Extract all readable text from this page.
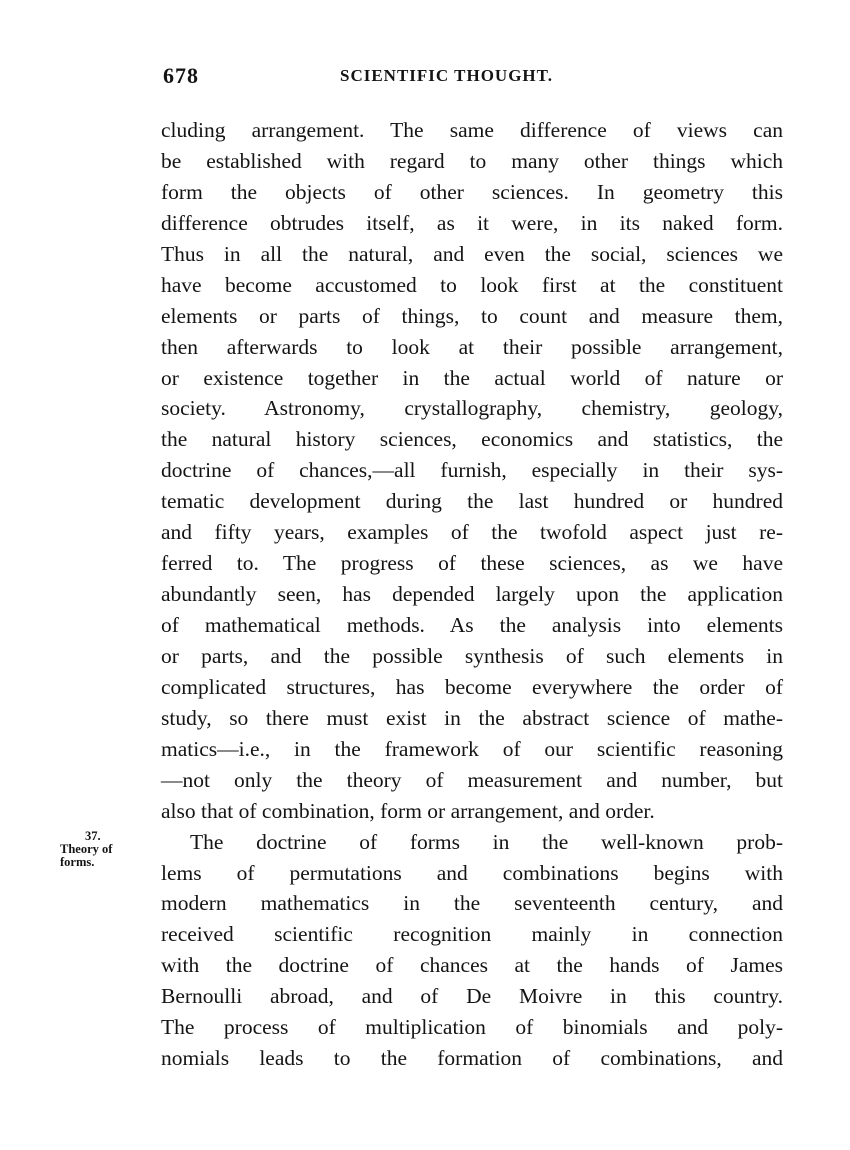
678	SCIENTIFIC THOUGHT.
37.
Theory of
forms.
cluding arrangement. The same difference of views can
be established with regard to many other things which
form the objects of other sciences. In geometry this
difference obtrudes itself, as it were, in its naked form.
Thus in all the natural, and even the social, sciences we
have become accustomed to look first at the constituent
elements or parts of things, to count and measure them,
then afterwards to look at their possible arrangement,
or existence together in the actual world of nature or
society. Astronomy, crystallography, chemistry, geology,
the natural history sciences, economics and statistics, the
doctrine of chances,—all furnish, especially in their sys-
tematic development during the last hundred or hundred
and fifty years, examples of the twofold aspect just re-
ferred to. The progress of these sciences, as we have
abundantly seen, has depended largely upon the application
of mathematical methods. As the analysis into elements
or parts, and the possible synthesis of such elements in
complicated structures, has become everywhere the order of
study, so there must exist in the abstract science of mathe-
matics—i.e., in the framework of our scientific reasoning
—not only the theory of measurement and number, but
also that of combination, form or arrangement, and order.
The doctrine of forms in the well-known prob-
lems of permutations and combinations begins with
modern mathematics in the seventeenth century, and
received scientific recognition mainly in connection
with the doctrine of chances at the hands of James
Bernoulli abroad, and of De Moivre in this country.
The process of multiplication of binomials and poly-
nomials leads to the formation of combinations, and
